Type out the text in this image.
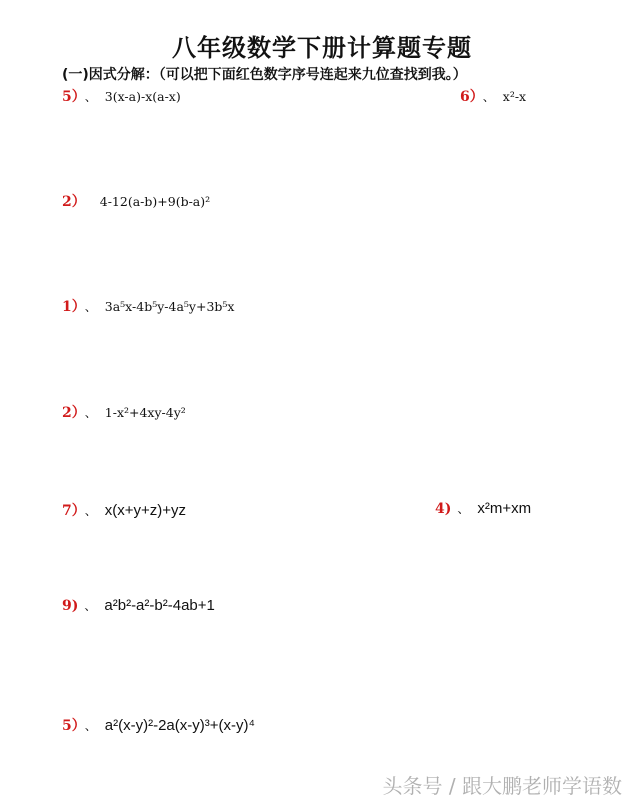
八年级数学下册计算题专题
(一)因式分解：（可以把下面红色数字序号连起来九位查找到我。）
5） 、 3(x-a)-x(a-x)	6） 、 x²-x
2） 4-12(a-b)+9(b-a)²
1） 、 3a⁵x-4b⁵y-4a⁵y+3b⁵x
2） 、 1-x²+4xy-4y²
7） 、 x(x+y+z)+yz	4) 、 x²m+xm
9) 、 a²b²-a²-b²-4ab+1
5） 、 a²(x-y)²-2a(x-y)³+(x-y)⁴
头条号 / 跟大鹏老师学语数
